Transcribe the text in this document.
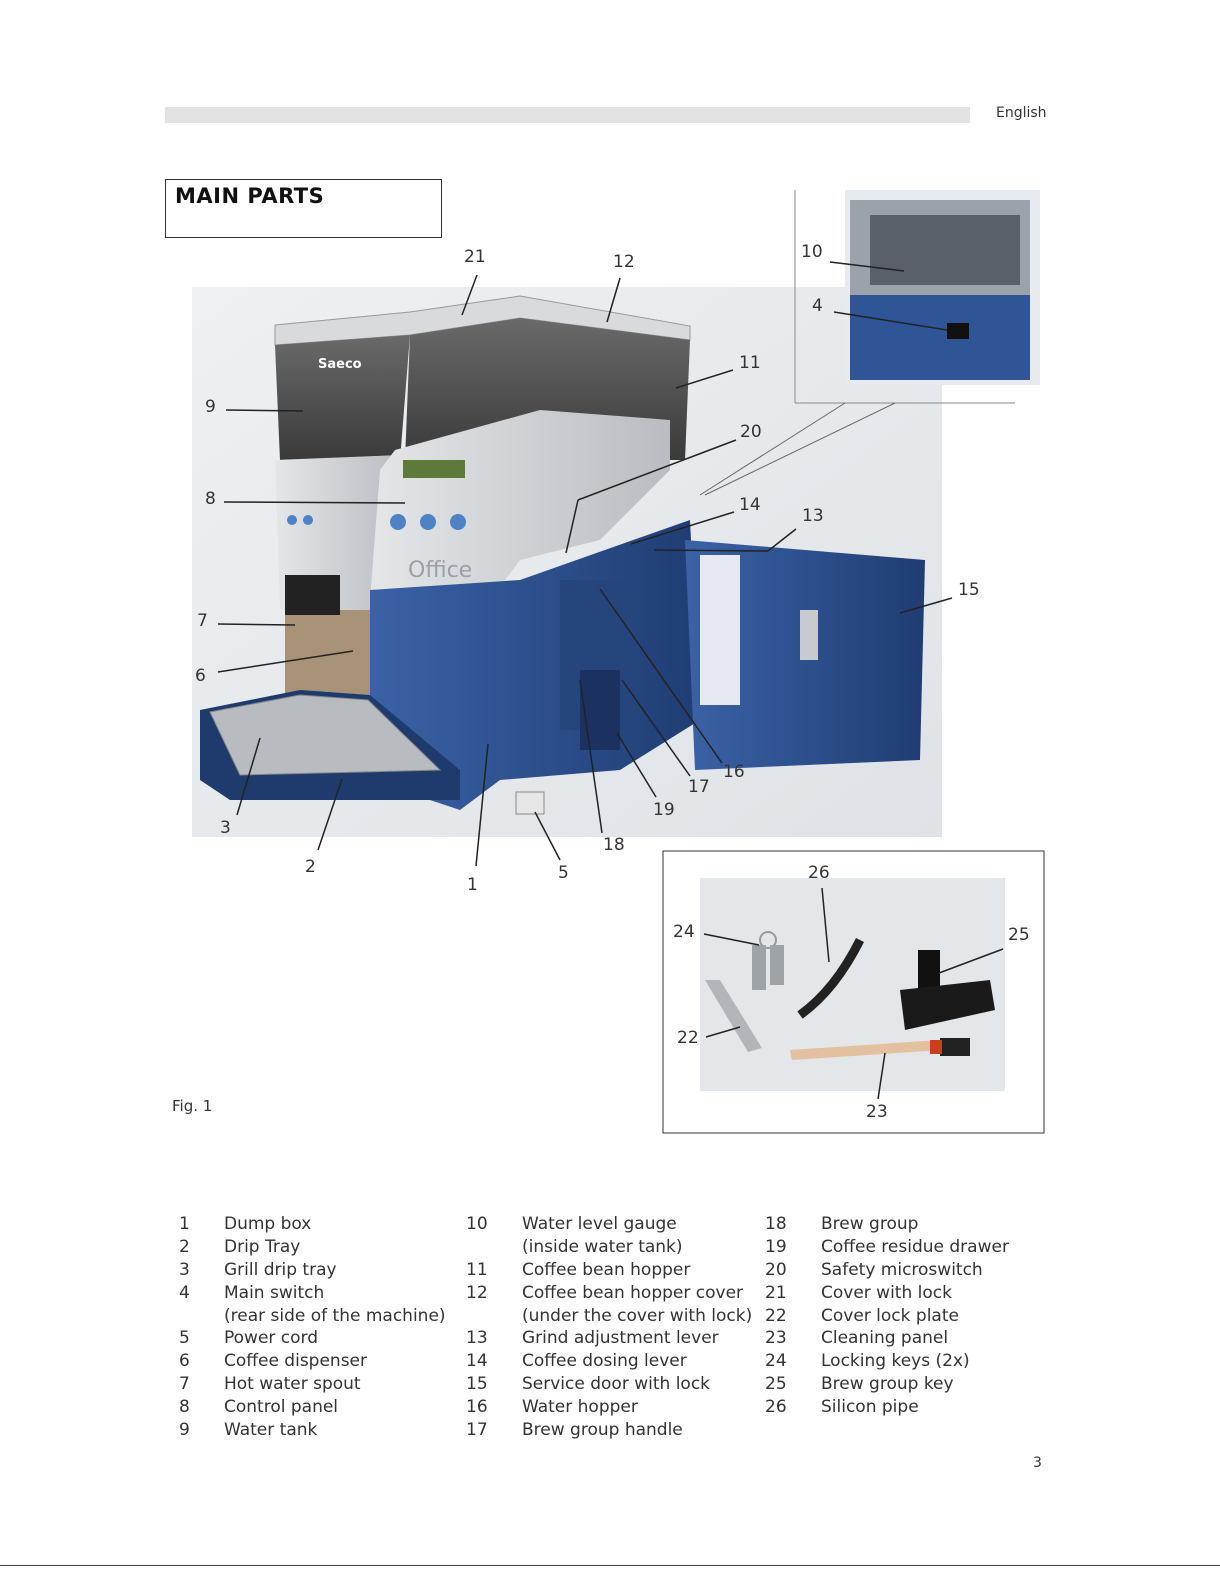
English
MAIN PARTS
Saeco
Office
21	12	10
4
11
9
20
8	14
13
15
7
6
16
17
19
3
18
2	5	26
1
24	25
22
23
Fig. 1
1 Dump box
2 Drip Tray
3 Grill drip tray
4 Main switch
(rear side of the machine)
5 Power cord
6 Coffee dispenser
7 Hot water spout
8 Control panel
9 Water tank
10 Water level gauge
(inside water tank)
11 Coffee bean hopper
12 Coffee bean hopper cover
(under the cover with lock)
13 Grind adjustment lever
14 Coffee dosing lever
15 Service door with lock
16 Water hopper
17 Brew group handle
18 Brew group
19 Coffee residue drawer
20 Safety microswitch
21 Cover with lock
22 Cover lock plate
23 Cleaning panel
24 Locking keys (2x)
25 Brew group key
26 Silicon pipe
3
